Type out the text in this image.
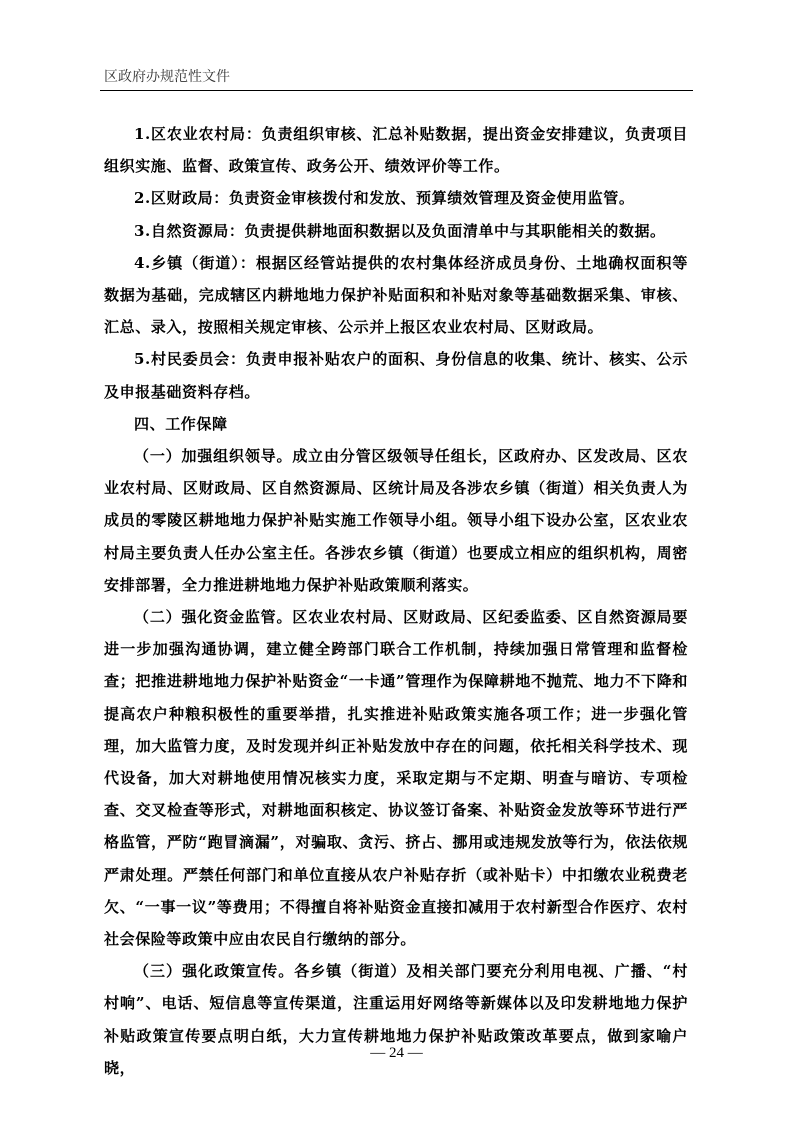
区政府办规范性文件

1.区农业农村局：负责组织审核、汇总补贴数据，提出资金安排建议，负责项目组织实施、监督、政策宣传、政务公开、绩效评价等工作。

2.区财政局：负责资金审核拨付和发放、预算绩效管理及资金使用监管。

3.自然资源局：负责提供耕地面积数据以及负面清单中与其职能相关的数据。

4.乡镇（街道）：根据区经管站提供的农村集体经济成员身份、土地确权面积等数据为基础，完成辖区内耕地地力保护补贴面积和补贴对象等基础数据采集、审核、汇总、录入，按照相关规定审核、公示并上报区农业农村局、区财政局。

5.村民委员会：负责申报补贴农户的面积、身份信息的收集、统计、核实、公示及申报基础资料存档。

四、工作保障

（一）加强组织领导。成立由分管区级领导任组长，区政府办、区发改局、区农业农村局、区财政局、区自然资源局、区统计局及各涉农乡镇（街道）相关负责人为成员的零陵区耕地地力保护补贴实施工作领导小组。领导小组下设办公室，区农业农村局主要负责人任办公室主任。各涉农乡镇（街道）也要成立相应的组织机构，周密安排部署，全力推进耕地地力保护补贴政策顺利落实。

（二）强化资金监管。区农业农村局、区财政局、区纪委监委、区自然资源局要进一步加强沟通协调，建立健全跨部门联合工作机制，持续加强日常管理和监督检查；把推进耕地地力保护补贴资金“一卡通”管理作为保障耕地不抛荒、地力不下降和提高农户种粮积极性的重要举措，扎实推进补贴政策实施各项工作；进一步强化管理，加大监管力度，及时发现并纠正补贴发放中存在的问题，依托相关科学技术、现代设备，加大对耕地使用情况核实力度，采取定期与不定期、明查与暗访、专项检查、交叉检查等形式，对耕地面积核定、协议签订备案、补贴资金发放等环节进行严格监管，严防“跑冒滴漏”，对骗取、贪污、挤占、挪用或违规发放等行为，依法依规严肃处理。严禁任何部门和单位直接从农户补贴存折（或补贴卡）中扣缴农业税费老欠、“一事一议”等费用；不得擅自将补贴资金直接扣减用于农村新型合作医疗、农村社会保险等政策中应由农民自行缴纳的部分。

（三）强化政策宣传。各乡镇（街道）及相关部门要充分利用电视、广播、“村村响”、电话、短信息等宣传渠道，注重运用好网络等新媒体以及印发耕地地力保护补贴政策宣传要点明白纸，大力宣传耕地地力保护补贴政策改革要点，做到家喻户晓，

— 24 —
